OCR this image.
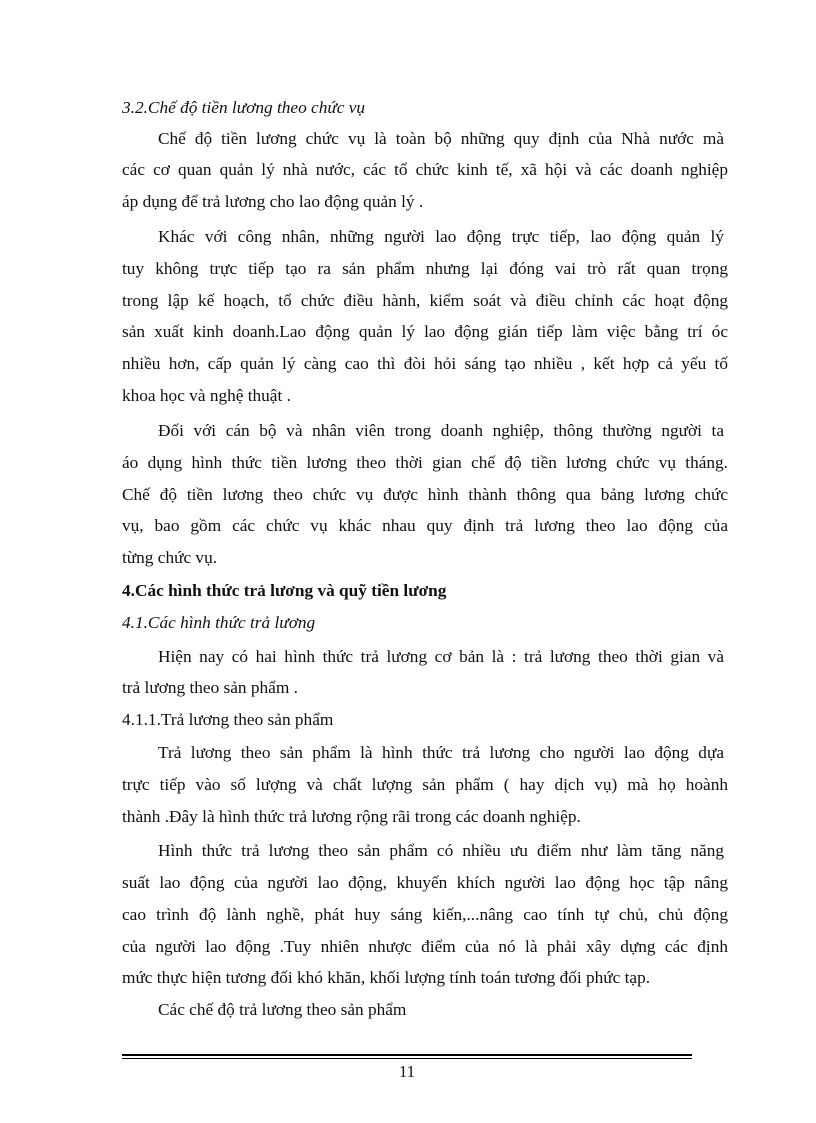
3.2.Chế độ tiền lương theo chức vụ
Chế độ tiền lương chức vụ là toàn bộ những quy định của Nhà nước mà
các cơ quan quản lý nhà nước, các tổ chức kinh tế, xã hội và các doanh nghiệp
áp dụng để trả lương cho lao động quản lý .
Khác với công nhân, những người lao động trực tiếp, lao động quản lý
tuy không trực tiếp tạo ra sản phẩm nhưng lại đóng vai trò rất quan trọng
trong lập kế hoạch, tổ chức điều hành, kiểm soát và điều chỉnh các hoạt động
sản xuất kinh doanh.Lao động quản lý lao động gián tiếp làm việc bằng trí óc
nhiều hơn, cấp quản lý càng cao thì đòi hỏi sáng tạo nhiều , kết hợp cả yếu tố
khoa học và nghệ thuật .
Đối với cán bộ và nhân viên trong doanh nghiệp, thông thường người ta
áo dụng hình thức tiền lương theo thời gian chế độ tiền lương chức vụ tháng.
Chế độ tiền lương theo chức vụ được hình thành thông qua bảng lương chức
vụ, bao gồm các chức vụ khác nhau quy định trả lương theo lao động của
từng chức vụ.
4.Các hình thức trả lương và quỹ tiền lương
4.1.Các hình thức trả lương
Hiện nay có hai hình thức trả lương cơ bản là : trả lương theo thời gian và
trả lương theo sản phẩm .
4.1.1.Trả lương theo sản phẩm
Trả lương theo sản phẩm là hình thức trả lương cho người lao động dựa
trực tiếp vào số lượng và chất lượng sản phẩm ( hay dịch vụ) mà họ hoành
thành .Đây là hình thức trả lương rộng rãi trong các doanh nghiệp.
Hình thức trả lương theo sản phẩm có nhiều ưu điểm như làm tăng năng
suất lao động của người lao động, khuyến khích người lao động học tập nâng
cao trình độ lành nghề, phát huy sáng kiến,...nâng cao tính tự chủ, chủ động
của người lao động .Tuy nhiên nhược điểm của nó là phải xây dựng các định
mức thực hiện tương đối khó khăn, khối lượng tính toán tương đối phức tạp.
Các chế độ trả lương theo sản phẩm
11
